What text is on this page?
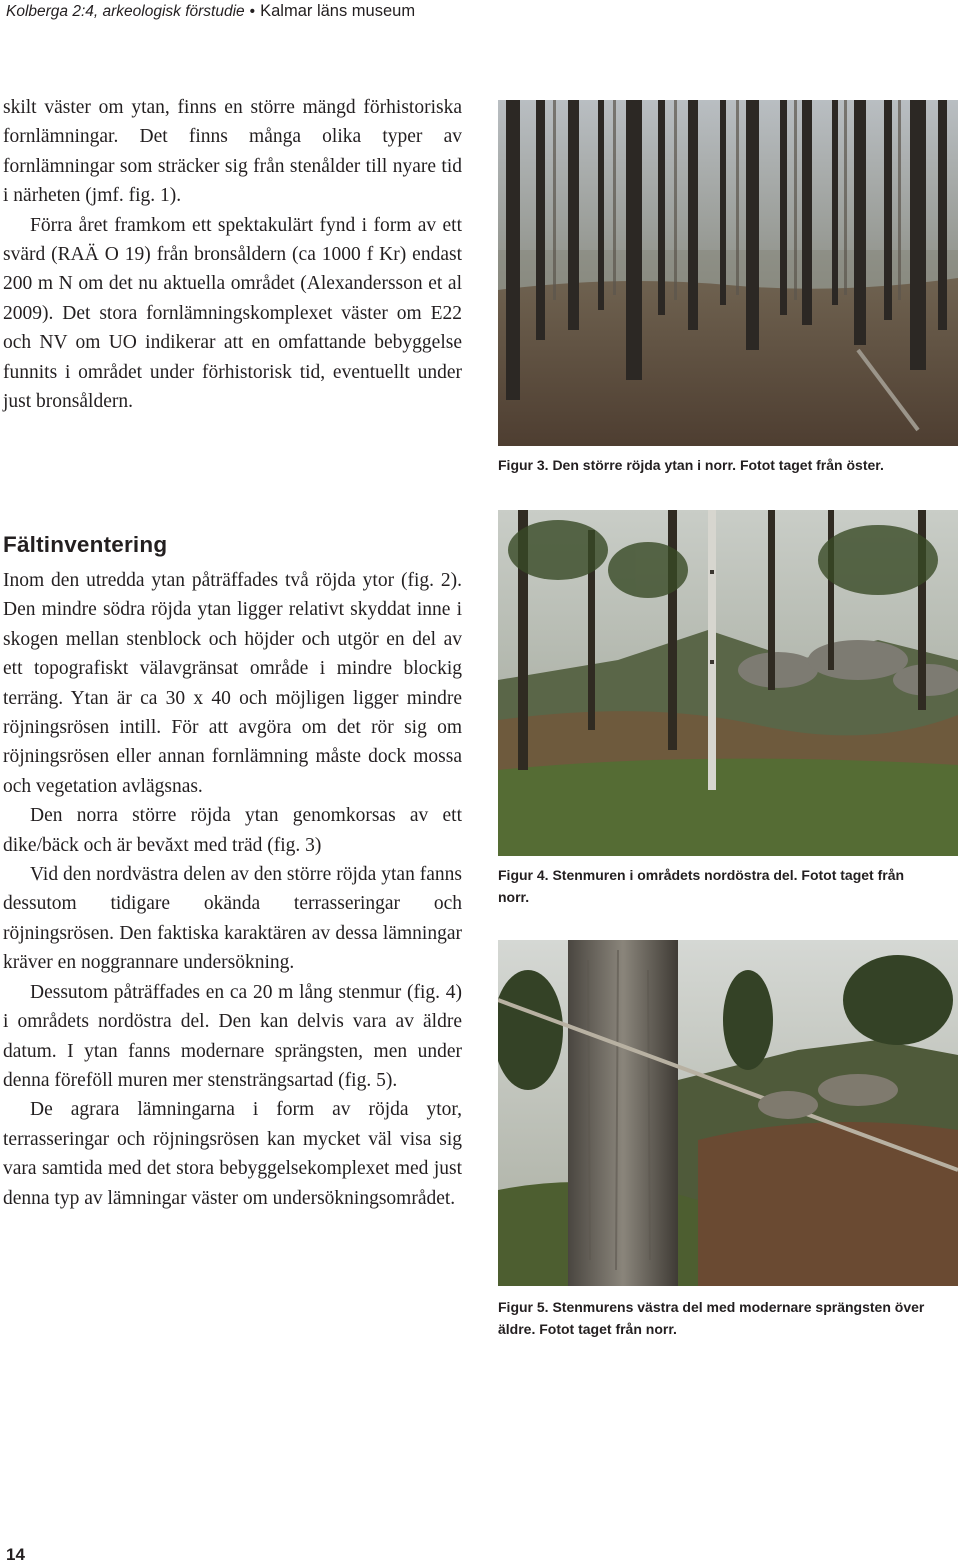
Kolberga 2:4, arkeologisk förstudie • Kalmar läns museum

skilt väster om ytan, finns en större mängd förhistoriska fornlämningar. Det finns många olika typer av fornlämningar som sträcker sig från stenålder till nyare tid i närheten (jmf. fig. 1).

Förra året framkom ett spektakulärt fynd i form av ett svärd (RAÄ O 19) från bronsåldern (ca 1000 f Kr) endast 200 m N om det nu aktuella området (Alexandersson et al 2009). Det stora fornlämningskomplexet väster om E22 och NV om UO indikerar att en omfattande bebyggelse funnits i området under förhistorisk tid, eventuellt under just bronsåldern.

Fältinventering

Inom den utredda ytan påträffades två röjda ytor (fig. 2). Den mindre södra röjda ytan ligger relativt skyddat inne i skogen mellan stenblock och höjder och utgör en del av ett topografiskt välavgränsat område i mindre blockig terräng. Ytan är ca 30 x 40 och möjligen ligger mindre röjningsrösen intill. För att avgöra om det rör sig om röjningsrösen eller annan fornlämning måste dock mossa och vegetation avlägsnas.

Den norra större röjda ytan genomkorsas av ett dike/bäck och är bevăxt med träd (fig. 3)

Vid den nordvästra delen av den större röjda ytan fanns dessutom tidigare okända terrasseringar och röjningsrösen. Den faktiska karaktären av dessa lämningar kräver en noggrannare undersökning.

Dessutom påträffades en ca 20 m lång stenmur (fig. 4) i områdets nordöstra del. Den kan delvis vara av äldre datum. I ytan fanns modernare sprängsten, men under denna föreföll muren mer stensträngsartad (fig. 5).

De agrara lämningarna i form av röjda ytor, terrasseringar och röjningsrösen kan mycket väl visa sig vara samtida med det stora bebyggelsekomplexet med just denna typ av lämningar väster om undersökningsområdet.

Figur 3. Den större röjda ytan i norr. Fotot taget från öster.
Figur 4. Stenmuren i områdets nordöstra del. Fotot taget från norr.
Figur 5. Stenmurens västra del med modernare sprängsten över äldre. Fotot taget från norr.
14
